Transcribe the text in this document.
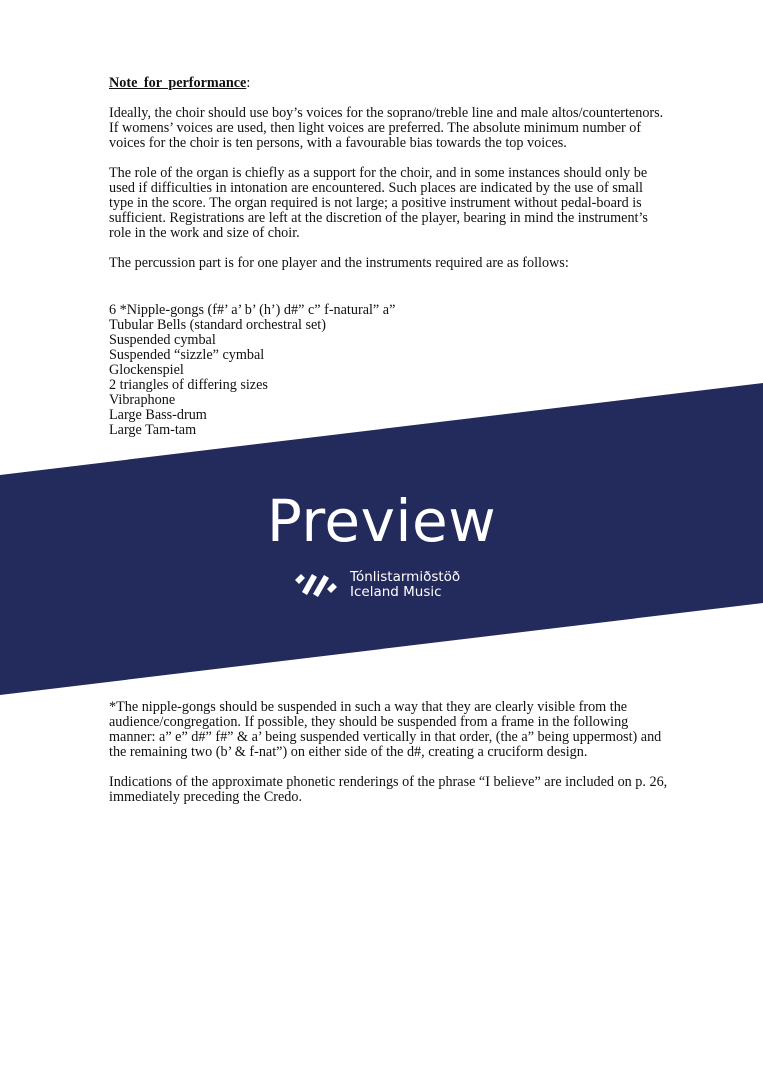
Note for performance:

Ideally, the choir should use boy’s voices for the soprano/treble line and male altos/countertenors. If womens’ voices are used, then light voices are preferred. The absolute minimum number of voices for the choir is ten persons, with a favourable bias towards the top voices.

The role of the organ is chiefly as a support for the choir, and in some instances should only be used if difficulties in intonation are encountered. Such places are indicated by the use of small type in the score. The organ required is not large; a positive instrument without pedal-board is sufficient. Registrations are left at the discretion of the player, bearing in mind the instrument’s role in the work and size of choir.

The percussion part is for one player and the instruments required are as follows:

6 *Nipple-gongs (f#’ a’ b’ (h’) d#” c” f-natural” a”
Tubular Bells (standard orchestral set)
Suspended cymbal
Suspended “sizzle” cymbal
Glockenspiel
2 triangles of differing sizes
Vibraphone
Large Bass-drum
Large Tam-tam
Preview
Tónlistarmiðstöð
Iceland Music

*The nipple-gongs should be suspended in such a way that they are clearly visible from the audience/congregation. If possible, they should be suspended from a frame in the following manner: a” e” d#” f#” & a’ being suspended vertically in that order, (the a” being uppermost) and the remaining two (b’ & f-nat”) on either side of the d#, creating a cruciform design.

Indications of the approximate phonetic renderings of the phrase “I believe” are included on p. 26, immediately preceding the Credo.
